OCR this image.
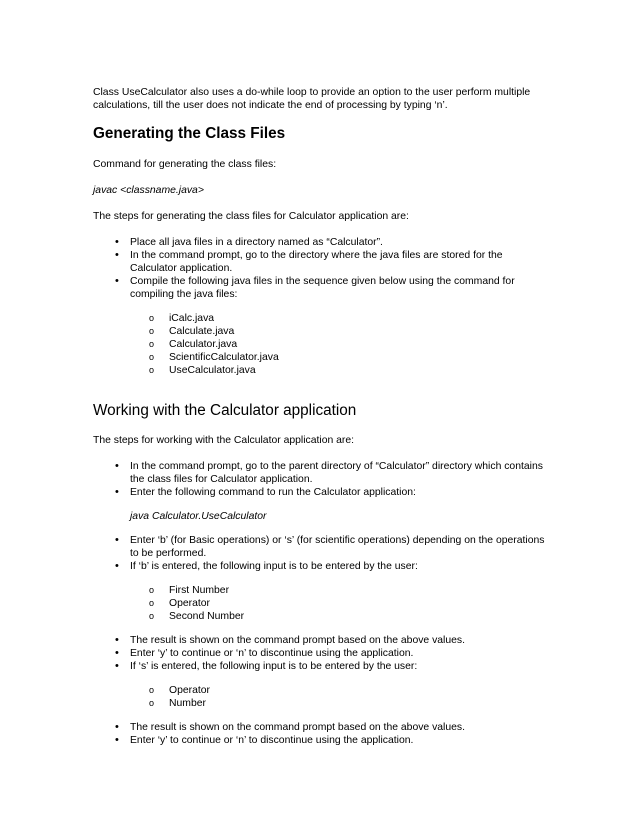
Class UseCalculator also uses a do-while loop to provide an option to the user perform multiple calculations, till the user does not indicate the end of processing by typing ‘n’.

Generating the Class Files

Command for generating the class files:

javac <classname.java>

The steps for generating the class files for Calculator application are:

• Place all java files in a directory named as “Calculator”.
• In the command prompt, go to the directory where the java files are stored for the Calculator application.
• Compile the following java files in the sequence given below using the command for compiling the java files:
o iCalc.java
o Calculate.java
o Calculator.java
o ScientificCalculator.java
o UseCalculator.java
Working with the Calculator application

The steps for working with the Calculator application are:

• In the command prompt, go to the parent directory of “Calculator” directory which contains the class files for Calculator application.
• Enter the following command to run the Calculator application:

java Calculator.UseCalculator

• Enter ‘b’ (for Basic operations) or ‘s’ (for scientific operations) depending on the operations to be performed.
• If ‘b’ is entered, the following input is to be entered by the user:
o First Number
o Operator
o Second Number
• The result is shown on the command prompt based on the above values.
• Enter ‘y’ to continue or ‘n’ to discontinue using the application.
• If ‘s’ is entered, the following input is to be entered by the user:
o Operator
o Number
• The result is shown on the command prompt based on the above values.
• Enter ‘y’ to continue or ‘n’ to discontinue using the application.
